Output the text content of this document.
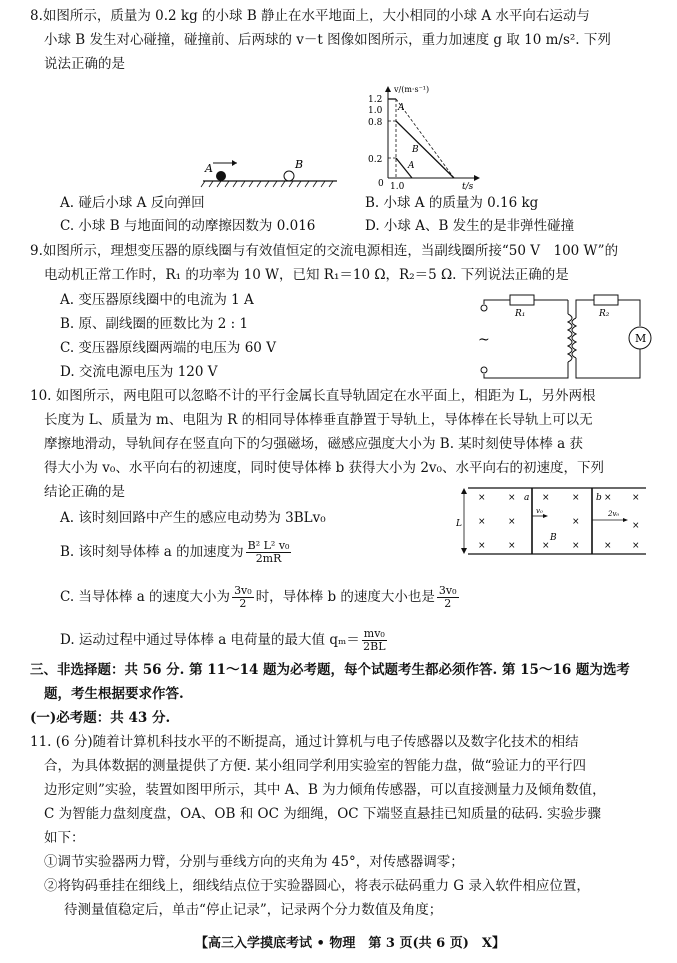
8.如图所示，质量为 0.2 kg 的小球 B 静止在水平地面上，大小相同的小球 A 水平向右运动与
小球 B 发生对心碰撞，碰撞前、后两球的 v－t 图像如图所示，重力加速度 g 取 10 m/s². 下列
说法正确的是
A	B
v/(m·s⁻¹)
t/s
1.2
1.0
0.8
0.2
0 1.0
A
B
A
A. 碰后小球 A 反向弹回	B. 小球 A 的质量为 0.16 kg
C. 小球 B 与地面间的动摩擦因数为 0.016	D. 小球 A、B 发生的是非弹性碰撞
9.如图所示，理想变压器的原线圈与有效值恒定的交流电源相连，当副线圈所接“50 V　100 W”的
电动机正常工作时，R₁ 的功率为 10 W，已知 R₁＝10 Ω，R₂＝5 Ω. 下列说法正确的是
A. 变压器原线圈中的电流为 1 A
B. 原、副线圈的匝数比为 2 : 1
C. 变压器原线圈两端的电压为 60 V
D. 交流电源电压为 120 V
R₁	R₂
M
~
10. 如图所示，两电阻可以忽略不计的平行金属长直导轨固定在水平面上，相距为 L，另外两根
长度为 L、质量为 m、电阻为 R 的相同导体棒垂直静置于导轨上，导体棒在长导轨上可以无
摩擦地滑动，导轨间存在竖直向下的匀强磁场，磁感应强度大小为 B. 某时刻使导体棒 a 获
得大小为 v₀、水平向右的初速度，同时使导体棒 b 获得大小为 2v₀、水平向右的初速度，下列
结论正确的是
A. 该时刻回路中产生的感应电动势为 3BLv₀
B. 该时刻导体棒 a 的加速度为 $\frac{\text{B² L² v₀}}{2mR}$
C. 当导体棒 a 的速度大小为 $\frac{\text{3v₀}}{2}$ 时，导体棒 b 的速度大小也是 $\frac{\text{3v₀}}{2}$
D. 运动过程中通过导体棒 a 电荷量的最大值 $q_m= \frac{\text{mv₀}}{2BL}$
L
a	b
B
v₀	2v₀
× ×	× ×	× ×
× ×	×	×
× ×	× ×	× ×
三、非选择题：共 56 分. 第 11～14 题为必考题，每个试题考生都必须作答. 第 15～16 题为选考
题，考生根据要求作答.
(一)必考题：共 43 分.
11. (6 分)随着计算机科技水平的不断提高，通过计算机与电子传感器以及数字化技术的相结
合，为具体数据的测量提供了方便. 某小组同学利用实验室的智能力盘，做“验证力的平行四
边形定则”实验，装置如图甲所示，其中 A、B 为力倾角传感器，可以直接测量力及倾角数值，
C 为智能力盘刻度盘，OA、OB 和 OC 为细绳，OC 下端竖直悬挂已知质量的砝码. 实验步骤
如下：
①调节实验器两力臂，分别与垂线方向的夹角为 45°，对传感器调零；
②将钩码垂挂在细线上，细线结点位于实验器圆心，将表示砝码重力 G 录入软件相应位置，
待测量值稳定后，单击“停止记录”，记录两个分力数值及角度；
【高三入学摸底考试 • 物理　第 3 页(共 6 页)　X】
